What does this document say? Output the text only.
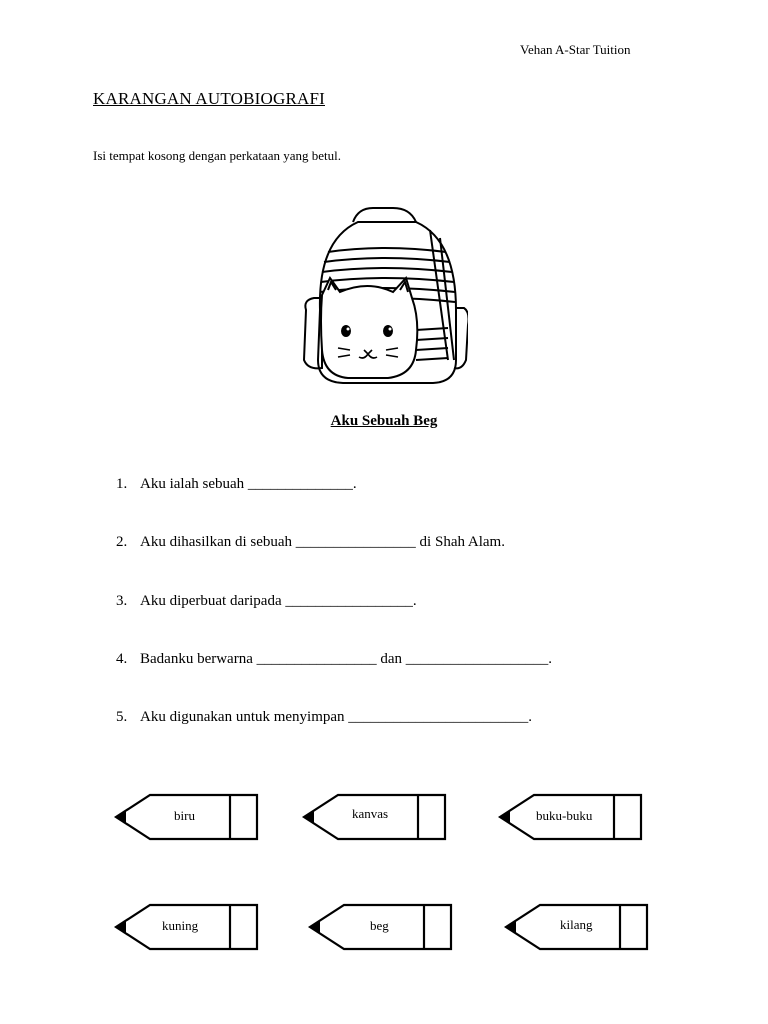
Vehan A-Star Tuition
KARANGAN AUTOBIOGRAFI
Isi tempat kosong dengan perkataan yang betul.
Aku Sebuah Beg
1. Aku ialah sebuah ______________.
2. Aku dihasilkan di sebuah ________________ di Shah Alam.
3. Aku diperbuat daripada _________________.
4. Badanku berwarna ________________ dan ___________________.
5. Aku digunakan untuk menyimpan ________________________.
biru	kanvas	buku-buku
kuning	beg	kilang
